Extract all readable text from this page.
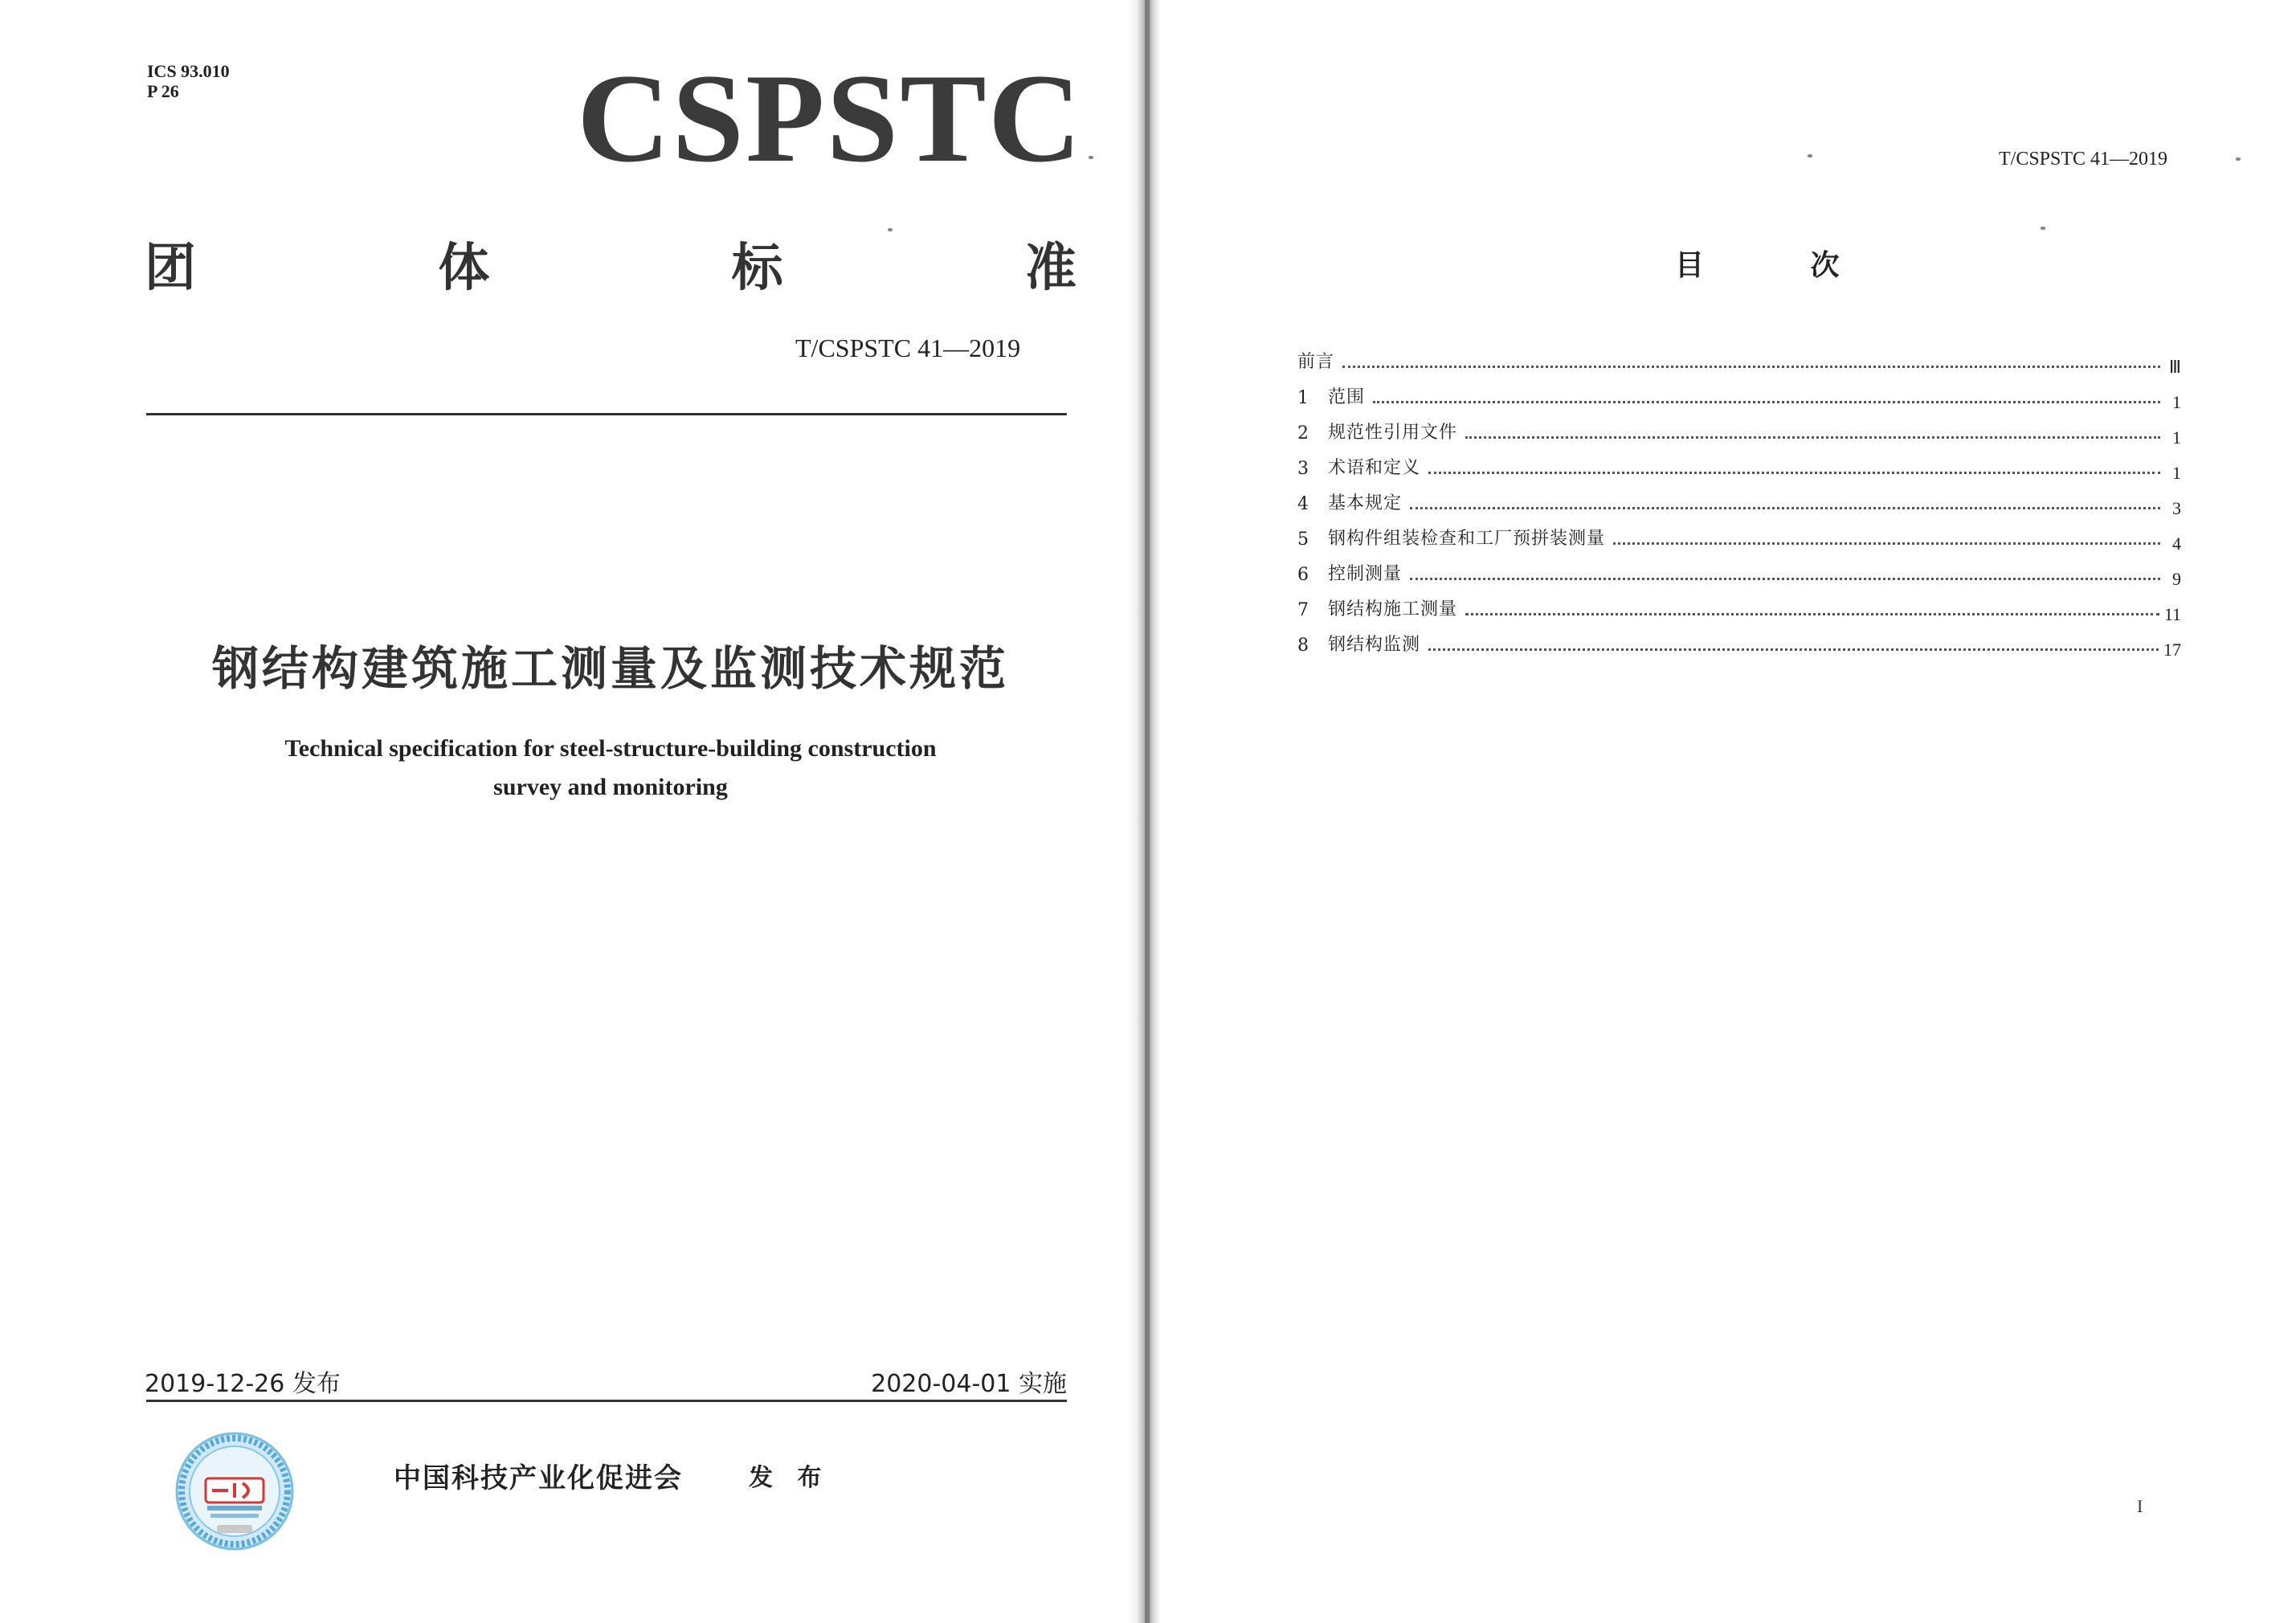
ICS 93.010
P 26	CSPSTC
团	体	标	准
T/CSPSTC 41—2019
钢结构建筑施工测量及监测技术规范
Technical specification for steel-structure-building construction
survey and monitoring
2019-12-26 发布	2020-04-01 实施
中国科技产业化促进会	发 布
T/CSPSTC 41—2019
目 次
前言	Ⅲ
1	范围	1
2	规范性引用文件	1
3	术语和定义	1
4	基本规定	3
5	钢构件组装检查和工厂预拼装测量	4
6	控制测量	9
7	钢结构施工测量	11
8	钢结构监测	17
I
